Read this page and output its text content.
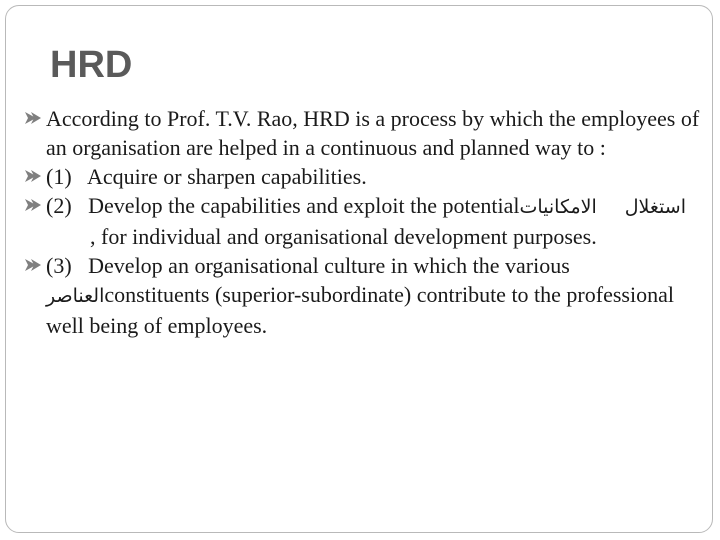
HRD
According to Prof. T.V. Rao, HRD is a process by which the employees of an organisation are helped in a continuous and planned way to :
(1)   Acquire or sharpen capabilities.
(2)   Develop the capabilities and exploit the potentialالامكانيات استغلال, for individual and organisational development purposes.
(3)   Develop an organisational culture in which the various العناصرconstituents (superior-subordinate) contribute to the professional well being of employees.
